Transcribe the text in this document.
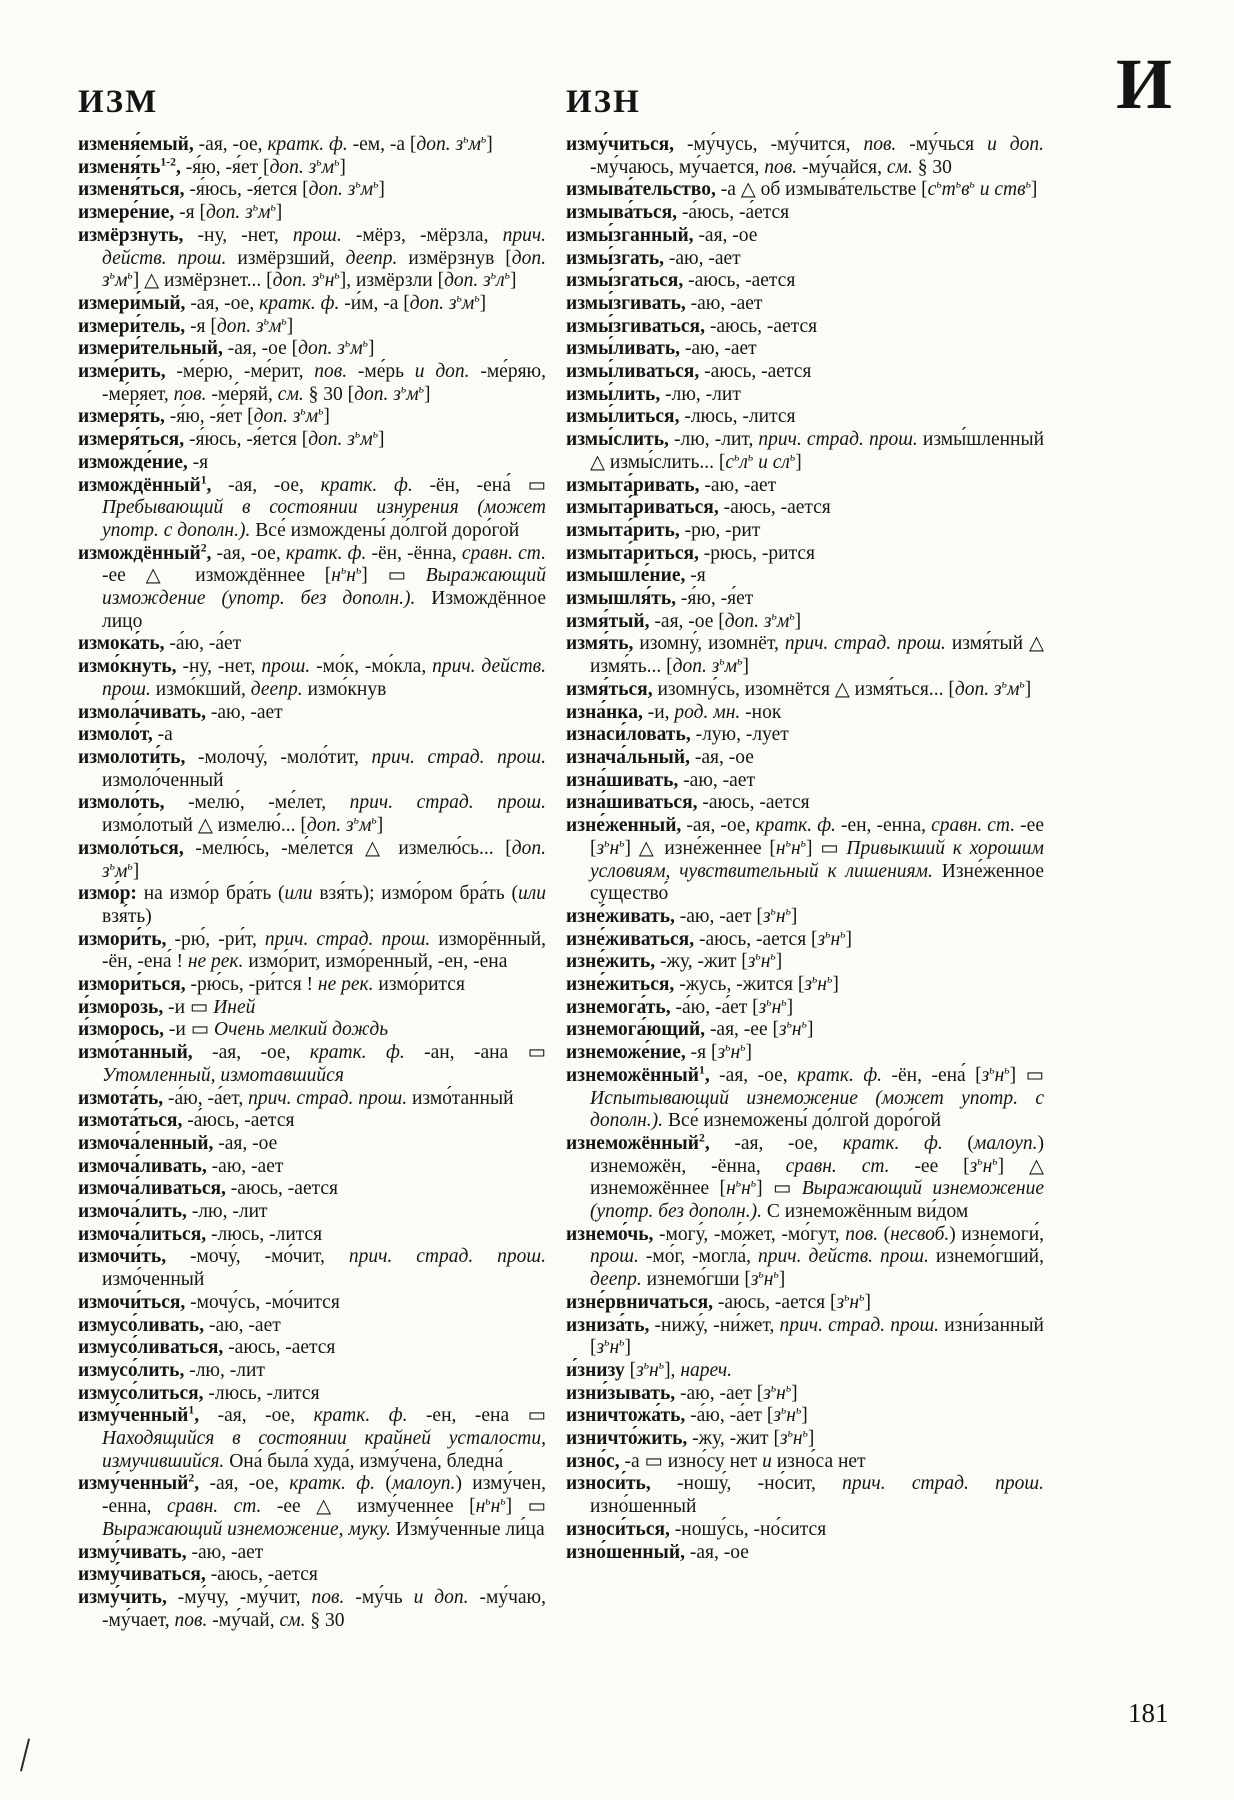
ИЗМ	ИЗН	И

изменя́емый, -ая, -ое, кратк. ф. -ем, -а [доп. $з^ьм^ь$]

$изменя́ть^{1-2}$, -я́ю, -я́ет [доп. $з^ьм^ь$]

изменя́ться, -я́юсь, -я́ется [доп. $з^ьм^ь$]

измере́ние, -я [доп. $з^ьм^ь$]

измёрзнуть, -ну, -нет, прош. -мёрз, -мёрзла, прич. действ. прош. измёрзший, деепр. измёрзнув [доп. $з^ьм^ь$] △ измёрзнет... [доп. $з^ьн^ь$], измёрзли [доп. $з^ьл^ь$]

измери́мый, -ая, -ое, кратк. ф. -и́м, -а [доп. $з^ьм^ь$]

измери́тель, -я [доп. $з^ьм^ь$]

измери́тельный, -ая, -ое [доп. $з^ьм^ь$]

изме́рить, -ме́рю, -ме́рит, пов. -ме́рь и доп. -ме́ряю, -ме́ряет, пов. -ме́ряй, см. § 30 [доп. $з^ьм^ь$]

измеря́ть, -я́ю, -я́ет [доп. $з^ьм^ь$]

измеря́ться, -я́юсь, -я́ется [доп. $з^ьм^ь$]

изможде́ние, -я

измождённый$^1$, -ая, -ое, кратк. ф. -ён, -ена́ ▭ Пребывающий в состоянии изнурения (может употр. с дополн.). Все́ измождены́ до́лгой доро́гой

измождённый$^2$, -ая, -ое, кратк. ф. -ён, -ённа, сравн. ст. -ее △ измождённее $[н^ьн^ь]$ ▭ Выражающий измождение (употр. без дополн.). Измождённое лицо

измока́ть, -а́ю, -а́ет

измо́кнуть, -ну, -нет, прош. -мо́к, -мо́кла, прич. действ. прош. измо́кший, деепр. измо́кнув

измола́чивать, -аю, -ает

измоло́т, -а

измолоти́ть, -молочу́, -моло́тит, прич. страд. прош. измоло́ченный

измоло́ть, -мелю́, -ме́лет, прич. страд. прош. измо́лотый △ измелю́... [доп. $з^ьм^ь$]

измоло́ться, -мелю́сь, -ме́лется △ измелю́сь... [доп. $з^ьм^ь$]

измо́р: на измо́р бра́ть (или взя́ть); измо́ром бра́ть (или взя́ть)

измори́ть, -рю́, -ри́т, прич. страд. прош. изморённый, -ён, -ена́ ! не рек. измо́рит, измо́ренный, -ен, -ена

измори́ться, -рю́сь, -ри́тся ! не рек. измо́рится

и́зморозь, -и ▭ Иней

и́зморось, -и ▭ Очень мелкий дождь

измо́танный, -ая, -ое, кратк. ф. -ан, -ана ▭ Утомленный, измотавшийся

измота́ть, -а́ю, -а́ет, прич. страд. прош. измо́танный

измота́ться, -а́юсь, -а́ется

измоча́ленный, -ая, -ое

измоча́ливать, -аю, -ает

измоча́ливаться, -аюсь, -ается

измоча́лить, -лю, -лит

измоча́литься, -люсь, -лится

измочи́ть, -мочу́, -мо́чит, прич. страд. прош. измо́ченный

измочи́ться, -мочу́сь, -мо́чится

измусо́ливать, -аю, -ает

измусо́ливаться, -аюсь, -ается

измусо́лить, -лю, -лит

измусо́литься, -люсь, -лится

изму́ченный$^1$, -ая, -ое, кратк. ф. -ен, -ена ▭ Находящийся в состоянии крайней усталости, измучившийся. Она́ была́ худа́, изму́чена, бледна́

изму́ченный$^2$, -ая, -ое, кратк. ф. (малоуп.) изму́чен, -енна, сравн. ст. -ее △ изму́ченнее $[н^ьн^ь]$ ▭ Выражающий изнеможение, муку. Изму́ченные ли́ца

изму́чивать, -аю, -ает

изму́чиваться, -аюсь, -ается

изму́чить, -му́чу, -му́чит, пов. -му́чь и доп. -му́чаю, -му́чает, пов. -му́чай, см. § 30

изму́читься, -му́чусь, -му́чится, пов. -му́чься и доп. -му́чаюсь, му́чается, пов. -му́чайся, см. § 30

измыва́тельство, -а △ об измыва́тельстве [$с^ьт^ьв^ь$ и ств$^ь$]

измыва́ться, -а́юсь, -а́ется

измы́зганный, -ая, -ое

измы́згать, -аю, -ает

измы́згаться, -аюсь, -ается

измы́згивать, -аю, -ает

измы́згиваться, -аюсь, -ается

измы́ливать, -аю, -ает

измы́ливаться, -аюсь, -ается

измы́лить, -лю, -лит

измы́литься, -люсь, -лится

измы́слить, -лю, -лит, прич. страд. прош. измы́шленный △ измы́слить... [$с^ьл^ь$ и $сл^ь$]

измыта́ривать, -аю, -ает

измыта́риваться, -аюсь, -ается

измыта́рить, -рю, -рит

измыта́риться, -рюсь, -рится

измышле́ние, -я

измышля́ть, -я́ю, -я́ет

измя́тый, -ая, -ое [доп. $з^ьм^ь$]

измя́ть, изомну́, изомнёт, прич. страд. прош. измя́тый △ измя́ть... [доп. $з^ьм^ь$]

измя́ться, изомну́сь, изомнётся △ измя́ться... [доп. $з^ьм^ь$]

изна́нка, -и, род. мн. -нок

изнаси́ловать, -лую, -лует

изнача́льный, -ая, -ое

изна́шивать, -аю, -ает

изна́шиваться, -аюсь, -ается

изне́женный, -ая, -ое, кратк. ф. -ен, -енна, сравн. ст. -ее $[з^ьн^ь]$ △ изне́женнее $[н^ьн^ь]$ ▭ Привыкший к хорошим условиям, чувствительный к лишениям. Изне́женное существо́

изне́живать, -аю, -ает $[з^ьн^ь]$

изне́живаться, -аюсь, -ается $[з^ьн^ь]$

изне́жить, -жу, -жит $[з^ьн^ь]$

изне́житься, -жусь, -жится $[з^ьн^ь]$

изнемога́ть, -а́ю, -а́ет $[з^ьн^ь]$

изнемога́ющий, -ая, -ее $[з^ьн^ь]$

изнеможе́ние, -я $[з^ьн^ь]$

изнеможённый$^1$, -ая, -ое, кратк. ф. -ён, -ена́ $[з^ьн^ь]$ ▭ Испытывающий изнеможение (может употр. с дополн.). Все́ изнеможены́ до́лгой доро́гой

изнеможённый$^2$, -ая, -ое, кратк. ф. (малоуп.) изнеможён, -ённа, сравн. ст. -ее $[з^ьн^ь]$ △ изнеможённее $[н^ьн^ь]$ ▭ Выражающий изнеможение (употр. без дополн.). С изнеможённым ви́дом

изнемо́чь, -могу́, -мо́жет, -мо́гут, пов. (несвоб.) изнемоги́, прош. -мо́г, -могла́, прич. действ. прош. изнемо́гший, деепр. изнемо́гши $[з^ьн^ь]$

изне́рвничаться, -аюсь, -ается $[з^ьн^ь]$

изниза́ть, -нижу́, -ни́жет, прич. страд. прош. изни́занный $[з^ьн^ь]$

и́знизу $[з^ьн^ь]$, нареч.

изни́зывать, -аю, -ает $[з^ьн^ь]$

изничтожа́ть, -а́ю, -а́ет $[з^ьн^ь]$

изничто́жить, -жу, -жит $[з^ьн^ь]$

изно́с, -а ▭ изно́су нет и изно́са нет

износи́ть, -ношу́, -но́сит, прич. страд. прош. изно́шенный

износи́ться, -ношу́сь, -но́сится

изно́шенный, -ая, -ое

181
